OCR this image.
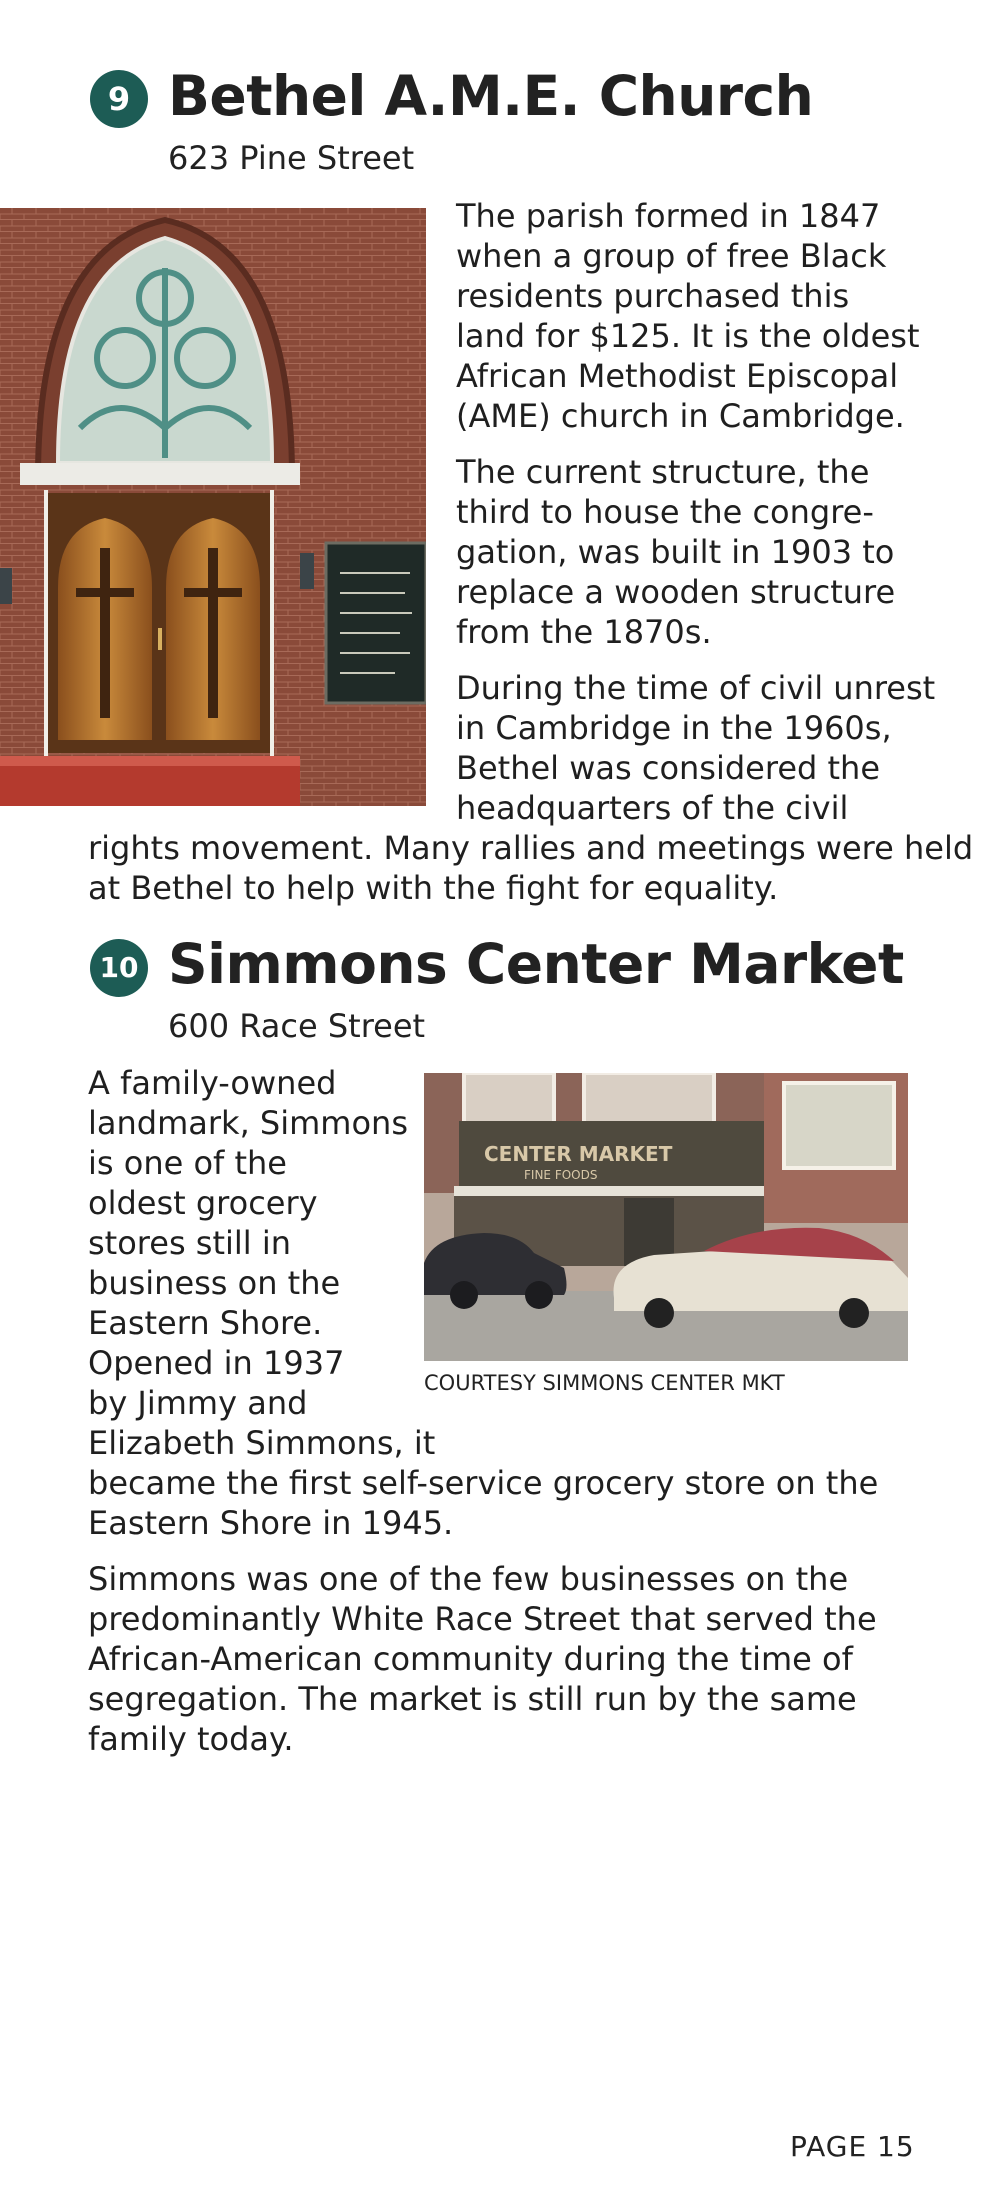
9 Bethel A.M.E. Church

623 Pine Street

The parish formed in 1847

when a group of free Black

residents purchased this

land for $125. It is the oldest

African Methodist Episcopal

(AME) church in Cambridge.

The current structure, the

third to house the congre-

gation, was built in 1903 to

replace a wooden structure

from the 1870s.

During the time of civil unrest

in Cambridge in the 1960s,

Bethel was considered the

headquarters of the civil

rights movement. Many rallies and meetings were held

at Bethel to help with the fight for equality.

10 Simmons Center Market

600 Race Street

A family-owned

landmark, Simmons

is one of the

oldest grocery

stores still in

business on the

Eastern Shore.

Opened in 1937

by Jimmy and

Elizabeth Simmons, it

became the first self-service grocery store on the

Eastern Shore in 1945.

Simmons was one of the few businesses on the

predominantly White Race Street that served the

African-American community during the time of

segregation. The market is still run by the same

family today.

CENTER MARKET
FINE FOODS

COURTESY SIMMONS CENTER MKT

PAGE 15
